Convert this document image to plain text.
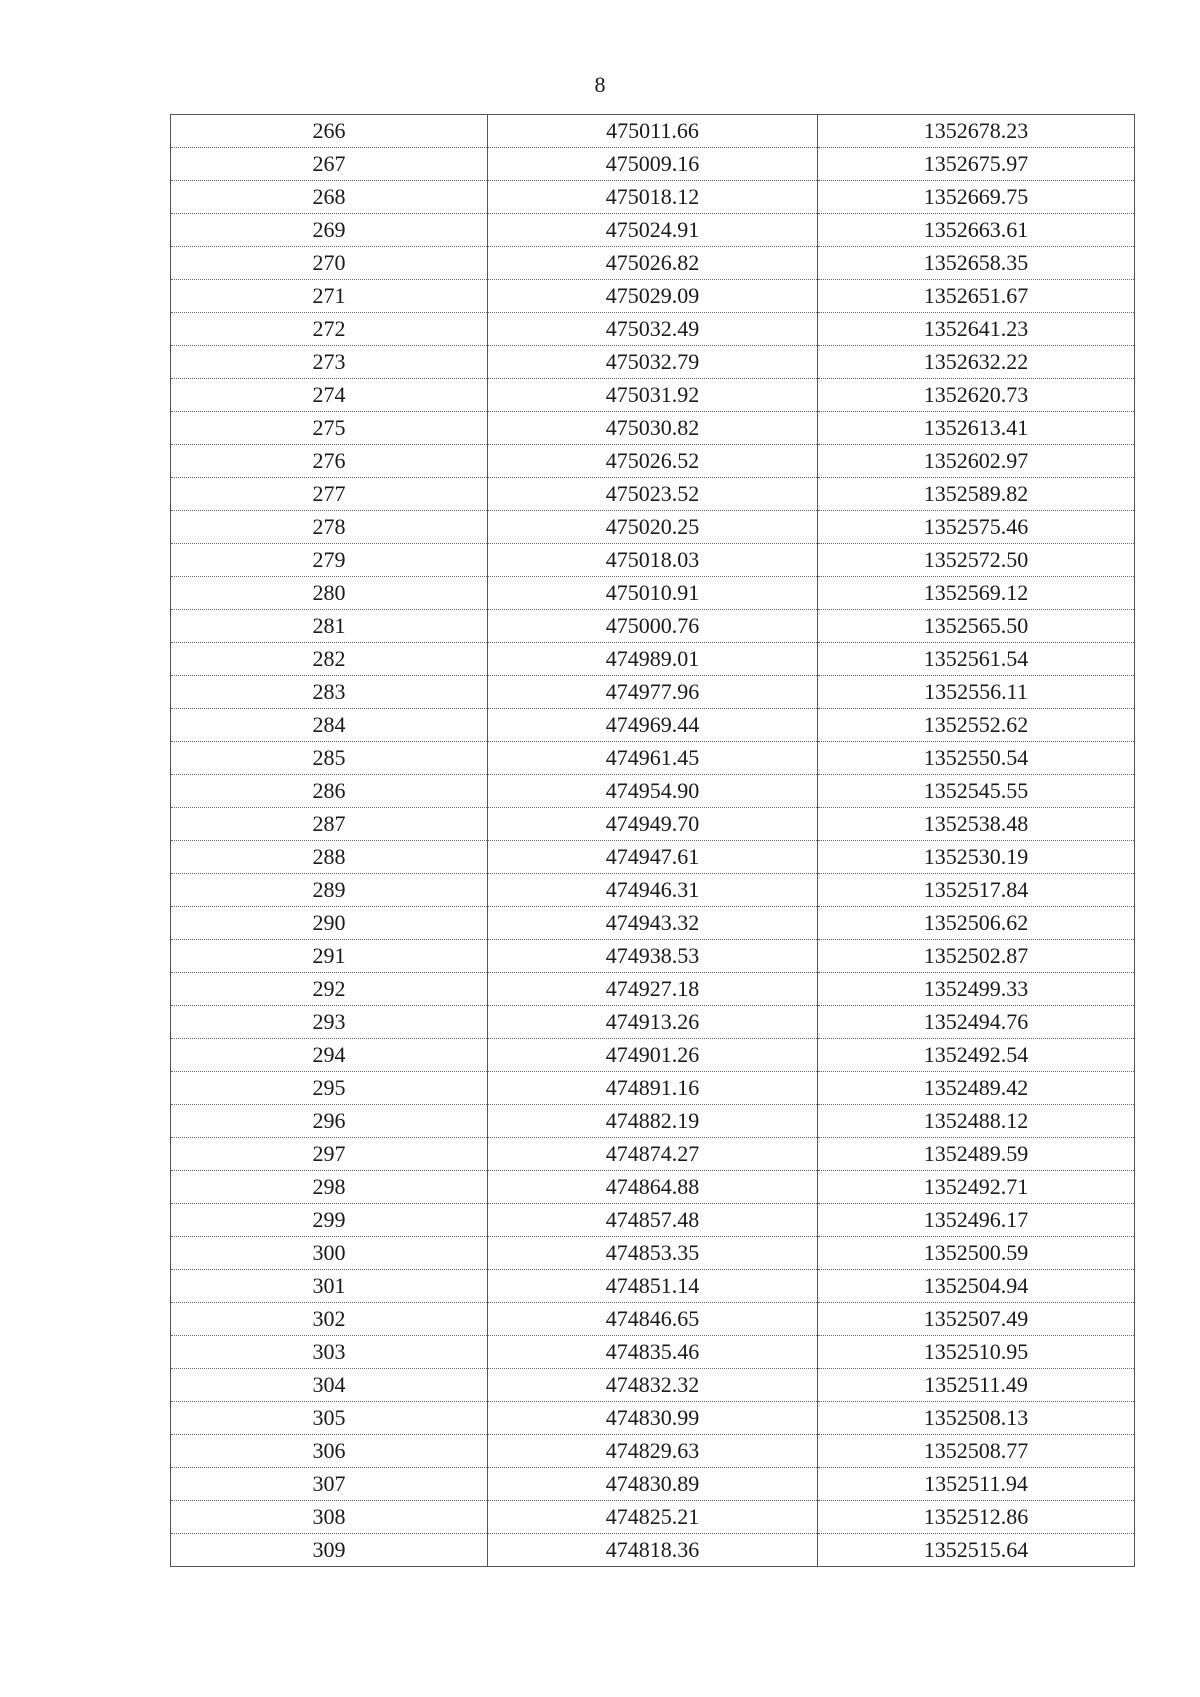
8
266	475011.66	1352678.23
267	475009.16	1352675.97
268	475018.12	1352669.75
269	475024.91	1352663.61
270	475026.82	1352658.35
271	475029.09	1352651.67
272	475032.49	1352641.23
273	475032.79	1352632.22
274	475031.92	1352620.73
275	475030.82	1352613.41
276	475026.52	1352602.97
277	475023.52	1352589.82
278	475020.25	1352575.46
279	475018.03	1352572.50
280	475010.91	1352569.12
281	475000.76	1352565.50
282	474989.01	1352561.54
283	474977.96	1352556.11
284	474969.44	1352552.62
285	474961.45	1352550.54
286	474954.90	1352545.55
287	474949.70	1352538.48
288	474947.61	1352530.19
289	474946.31	1352517.84
290	474943.32	1352506.62
291	474938.53	1352502.87
292	474927.18	1352499.33
293	474913.26	1352494.76
294	474901.26	1352492.54
295	474891.16	1352489.42
296	474882.19	1352488.12
297	474874.27	1352489.59
298	474864.88	1352492.71
299	474857.48	1352496.17
300	474853.35	1352500.59
301	474851.14	1352504.94
302	474846.65	1352507.49
303	474835.46	1352510.95
304	474832.32	1352511.49
305	474830.99	1352508.13
306	474829.63	1352508.77
307	474830.89	1352511.94
308	474825.21	1352512.86
309	474818.36	1352515.64
